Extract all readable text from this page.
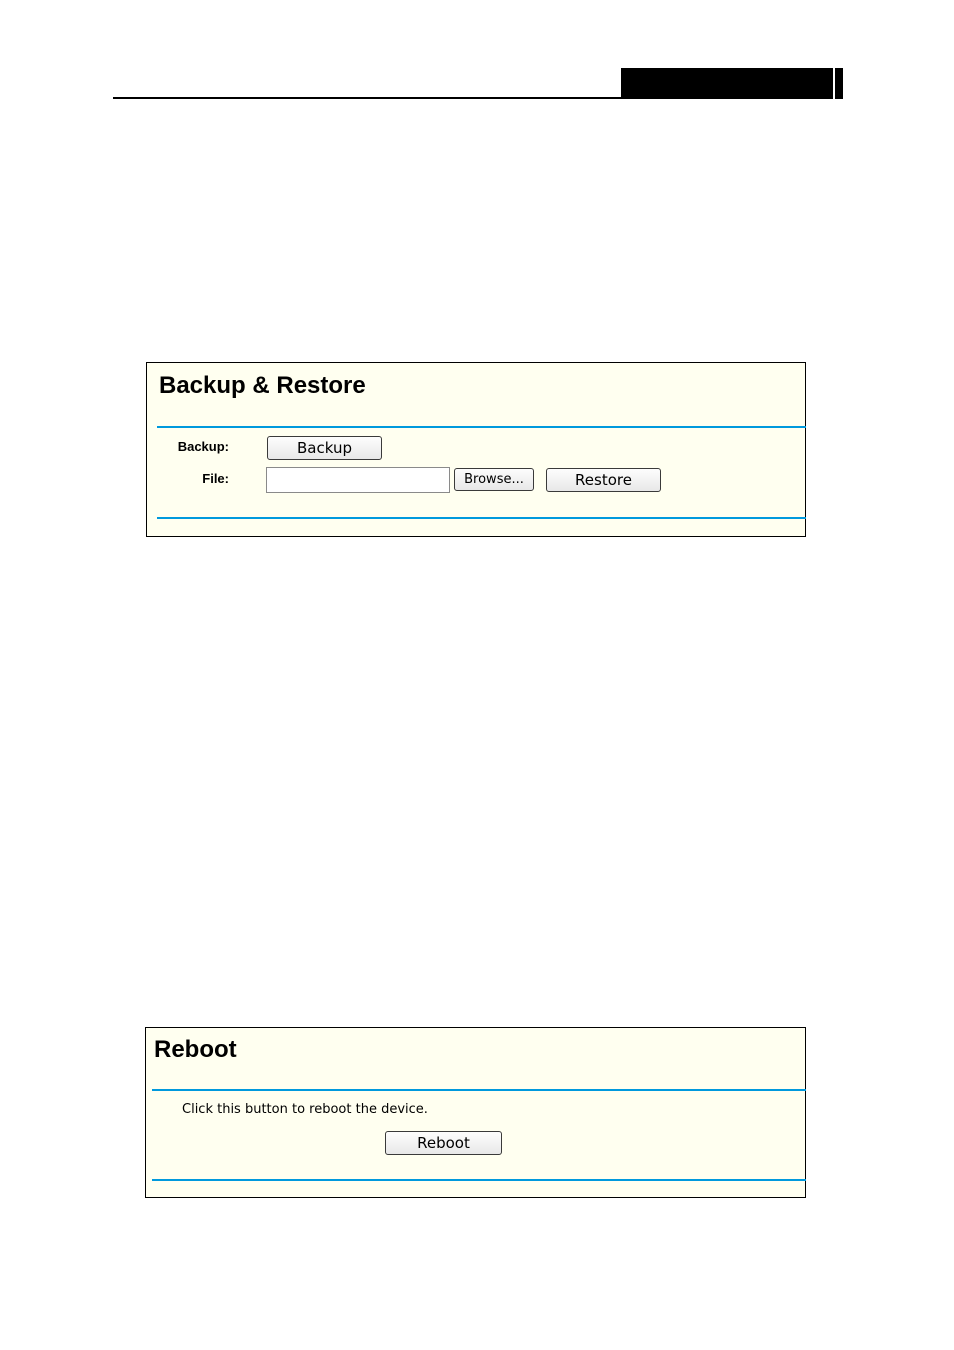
Backup & Restore
Backup:	Backup
File:	Browse...	Restore
Reboot
Click this button to reboot the device.
Reboot
